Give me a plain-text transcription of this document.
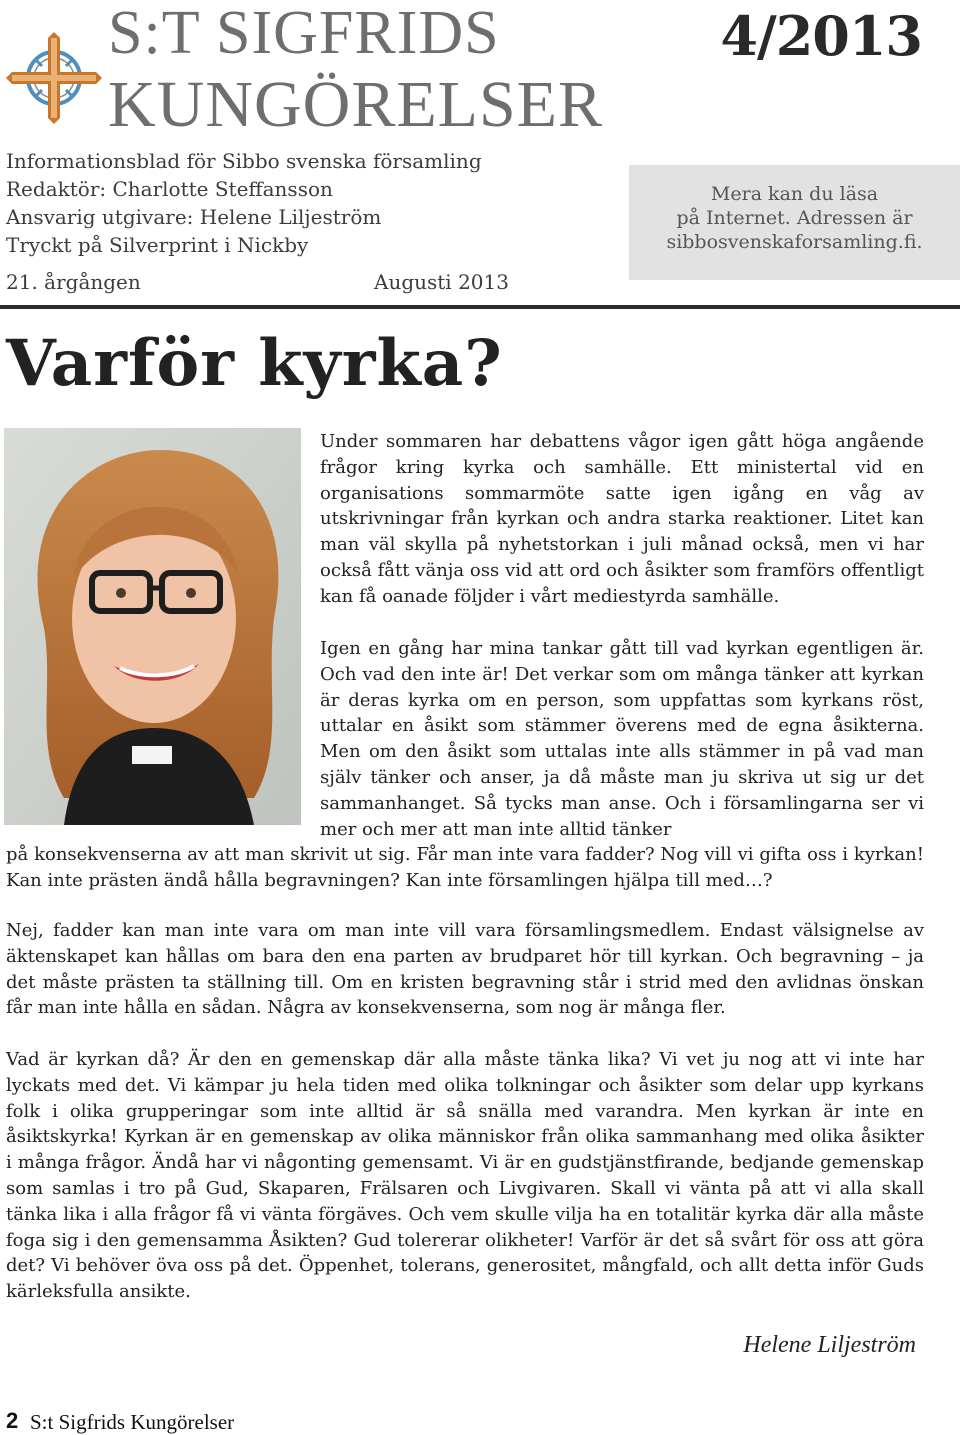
S:T SIGFRIDS
KUNGÖRELSER
4/2013
Informationsblad för Sibbo svenska församling
Redaktör: Charlotte Steffansson
Ansvarig utgivare: Helene Liljeström
Tryckt på Silverprint i Nickby
21. årgången	Augusti 2013
Mera kan du läsa
på Internet. Adressen är
sibbosvenskaforsamling.fi.
Varför kyrka?

Under sommaren har debattens vågor igen gått höga angående frågor kring kyrka och samhälle. Ett ministertal vid en organisations sommarmöte satte igen igång en våg av utskrivningar från kyrkan och andra starka reaktioner. Litet kan man väl skylla på nyhetstorkan i juli månad också, men vi har också fått vänja oss vid att ord och åsikter som framförs offentligt kan få oanade följder i vårt mediestyrda samhälle.

Igen en gång har mina tankar gått till vad kyrkan egentligen är. Och vad den inte är! Det verkar som om många tänker att kyrkan är deras kyrka om en person, som uppfattas som kyrkans röst, uttalar en åsikt som stämmer överens med de egna åsikterna. Men om den åsikt som uttalas inte alls stämmer in på vad man själv tänker och anser, ja då måste man ju skriva ut sig ur det sammanhanget. Så tycks man anse. Och i församlingarna ser vi mer och mer att man inte alltid tänker

på konsekvenserna av att man skrivit ut sig. Får man inte vara fadder? Nog vill vi gifta oss i kyrkan! Kan inte prästen ändå hålla begravningen? Kan inte församlingen hjälpa till med…?

Nej, fadder kan man inte vara om man inte vill vara församlingsmedlem. Endast välsignelse av äktenskapet kan hållas om bara den ena parten av brudparet hör till kyrkan. Och begravning – ja det måste prästen ta ställning till. Om en kristen begravning står i strid med den avlidnas önskan får man inte hålla en sådan. Några av konsekvenserna, som nog är många fler.

Vad är kyrkan då? Är den en gemenskap där alla måste tänka lika? Vi vet ju nog att vi inte har lyckats med det. Vi kämpar ju hela tiden med olika tolkningar och åsikter som delar upp kyrkans folk i olika grupperingar som inte alltid är så snälla med varandra. Men kyrkan är inte en åsiktskyrka! Kyrkan är en gemenskap av olika människor från olika sammanhang med olika åsikter i många frågor. Ändå har vi någonting gemensamt. Vi är en gudstjänstfirande, bedjande gemenskap som samlas i tro på Gud, Skaparen, Frälsaren och Livgivaren. Skall vi vänta på att vi alla skall tänka lika i alla frågor få vi vänta förgäves. Och vem skulle vilja ha en totalitär kyrka där alla måste foga sig i den gemensamma Åsikten? Gud tolererar olikheter! Varför är det så svårt för oss att göra det? Vi behöver öva oss på det. Öppenhet, tolerans, generositet, mångfald, och allt detta inför Guds kärleksfulla ansikte.

Helene Liljeström
2 S:t Sigfrids Kungörelser
